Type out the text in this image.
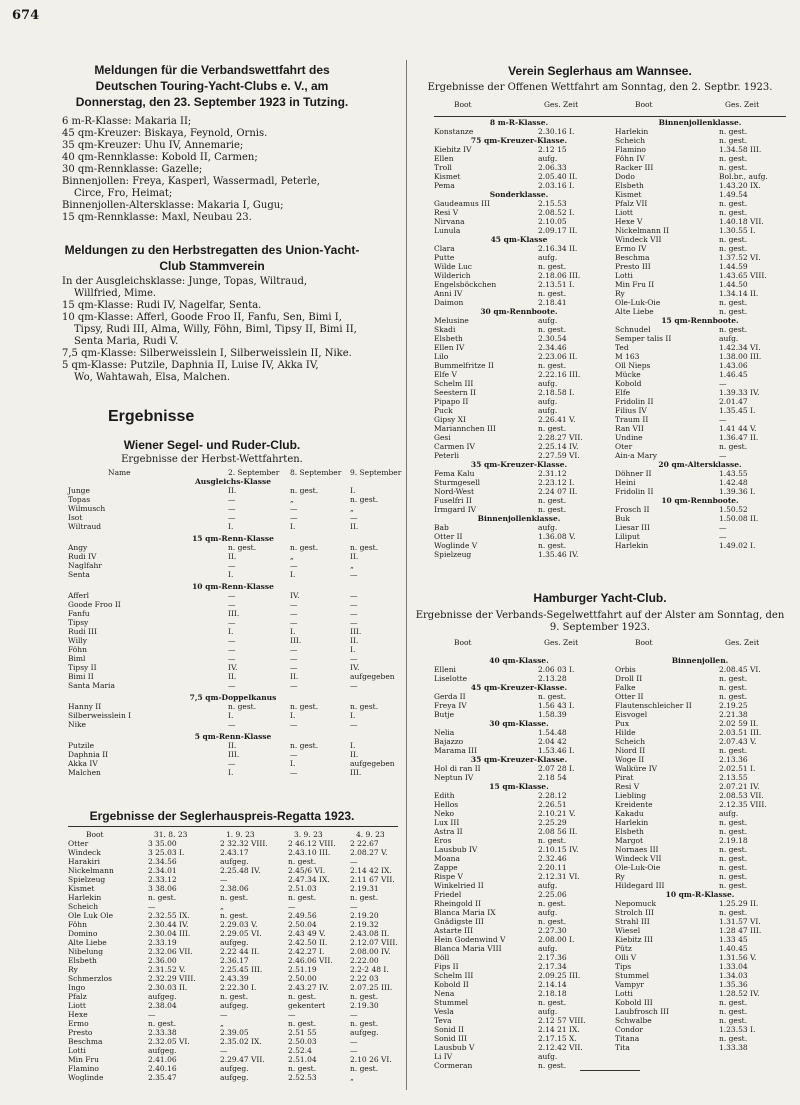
674
Meldungen für die Verbandswettfahrt des Deutschen Touring-Yacht-Clubs e. V., am Donnerstag, den 23. September 1923 in Tutzing.
6 m-R-Klasse: Makaria II;
45 qm-Kreuzer: Biskaya, Feynold, Ornis.
35 qm-Kreuzer: Uhu IV, Annemarie;
40 qm-Rennklasse: Kobold II, Carmen;
30 qm-Rennklasse: Gazelle;
Binnenjollen: Freya, Kasperl, Wassermadl, Peterle,
Circe, Fro, Heimat;
Binnenjollen-Altersklasse: Makaria I, Gugu;
15 qm-Rennklasse: Maxl, Neubau 23.
Meldungen zu den Herbstregatten des Union-Yacht-Club Stammverein
In der Ausgleichsklasse: Junge, Topas, Wiltraud,
Willfried, Mime.
15 qm-Klasse: Rudi IV, Nagelfar, Senta.
10 qm-Klasse: Afferl, Goode Froo II, Fanfu, Sen, Bimi I,
Tipsy, Rudi III, Alma, Willy, Föhn, Biml, Tipsy II, Bimi II,
Senta Maria, Rudi V.
7,5 qm-Klasse: Silberweisslein I, Silberweisslein II, Nike.
5 qm-Klasse: Putzile, Daphnia II, Luise IV, Akka IV,
Wo, Wahtawah, Elsa, Malchen.
Ergebnisse
Wiener Segel- und Ruder-Club.
Ergebnisse der Herbst-Wettfahrten.
Name	2. September 8. September 9. September
Ausgleichs-Klasse
Junge	II.	n. gest.	I.
Topas	—	„	n. gest.
Wilmusch	—	—	„
Isot	—	—	—
Wiltraud	I.	I.	II.
15 qm-Renn-Klasse
Angy	n. gest.	n. gest.	n. gest.
Rudi IV	II.	„	II.
Naglfahr	—	—	„
Senta	I.	I.	—
10 qm-Renn-Klasse
Afferl	—	IV.	—
Goode Froo II	—	—	—
Fanfu	III.	—	—
Tipsy	—	—	—
Rudi III	I.	I.	III.
Willy	—	III.	II.
Föhn	—	—	I.
Biml	—	—	—
Tipsy II	IV.	—	IV.
Bimi II	II.	II.	aufgegeben
Santa Maria	—	—	—
7,5 qm-Doppelkanus
Hanny II	n. gest.	n. gest.	n. gest.
Silberweisslein I	I.	I.	I.
Nike	—	—	—
5 qm-Renn-Klasse
Putzile	II.	n. gest.	I.
Daphnia II	III.	—	II.
Akka IV	—	I.	aufgegeben
Malchen	I.	—	III.
Ergebnisse der Seglerhauspreis-Regatta 1923.
Boot	31. 8. 23	1. 9. 23	3. 9. 23	4. 9. 23
Otter	3 35.00	2 32.32 VIII.	2 46.12 VIII. 2 22.67
Windeck	3 25.03 I.	2.43.17	2.43.10 III.	2.08.27 V.
Harakiri	2.34.56	aufgeg.	n. gest.	—
Nickelmann	2.34.01	2.25.48 IV.	2.45/6 VI.	2.14 42 IX.
Spielzeug	2.33.12	—	2.47.34 IX.	2.11 67 VII.
Kismet	3 38.06	2.38.06	2.51.03	2.19.31
Harlekin	n. gest.	n. gest.	n. gest.	n. gest.
Scheich	—	„	—	—
Ole Luk Ole	2.32.55 IX.	n. gest.	2.49.56	2.19.20
Föhn	2.30.44 IV.	2.29.03 V.	2.50.04	2.19.32
Domino	2.30.04 III.	2.29.05 VI.	2.43 49 V.	2.43.08 II.
Alte Liebe	2.33.19	aufgeg.	2.42.50 II.	2.12.07 VIII.
Nibelung	2.32.06 VII.	2.22 44 II.	2.42.27 I.	2.08.00 IV.
Elsbeth	2.36.00	2.36.17	2.46.06 VII. 2.22.00
Ry	2.31.52 V.	2.25.45 III.	2.51.19	2.2·2 48 I.
Schmerzlos	2.32.29 VIII.	2.43.39	2.50.00	2.22 03
Ingo	2.30.03 II.	2.22.30 I.	2.43.27 IV.	2.07.25 III.
Pfalz	aufgeg.	n. gest.	n. gest.	n. gest.
Liott	2.38.04	aufgeg.	gekentert	2.19.30
Hexe	—	—	—	—
Ermo	n. gest.	„	n. gest.	n. gest.
Presto	2.33.38	2.39.05	2.51 55	aufgeg.
Beschma	2.32.05 VI.	2.35.02 IX.	2.50.03	—
Lotti	aufgeg.	—	2.52.4	—
Min Fru	2.41.06	2.29.47 VII.	2.51.04	2.10 26 VI.
Flamino	2.40.16	aufgeg.	n. gest.	n. gest.
Woglinde	2.35.47	aufgeg.	2.52.53	„
Verein Seglerhaus am Wannsee.
Ergebnisse der Offenen Wettfahrt am Sonntag, den 2. Septbr. 1923.
Boot	Ges. Zeit
8 m-R-Klasse.
Konstanze	2.30.16 I.
75 qm-Kreuzer-Klasse.
Kiebitz IV	2.12 15
Ellen	aufg.
Troll	2.06.33
Kismet	2.05.40 II.
Pema	2.03.16 I.
Sonderklasse.
Gaudeamus III	2.15.53
Resi V	2.08.52 I.
Nirvana	2.10.05
Lunula	2.09.17 II.
45 qm-Klasse
Clara	2.16.34 II.
Putte	aufg.
Wilde Luc	n. gest.
Wilderich	2.18.06 III.
Engelsböckchen	2.13.51 I.
Anni IV	n. gest.
Daimon	2.18.41
30 qm-Rennboote.
Melusine	aufg.
Skadi	n. gest.
Elsbeth	2.30.54
Ellen IV	2.34.46
Lilo	2.23.06 II.
Bummelfritze II	n. gest.
Elfe V	2.22.16 III.
Schelm III	aufg.
Seestern II	2.18.58 I.
Pipapo II	aufg.
Puck	aufg.
Gipsy XI	2.26.41 V.
Mariannchen III	n. gest.
Gesi	2.28.27 VII.
Carmen IV	2.25.14 IV.
Peterli	2.27.59 VI.
35 qm-Kreuzer-Klasse.
Fema Kalu	2.31.12
Sturmgesell	2.23.12 I.
Nord-West	2.24 07 II.
Fuselfri II	n. gest.
Irmgard IV	n. gest.
Binnenjollenklasse.
Bab	aufg.
Otter II	1.36.08 V.
Woglinde V	n. gest.
Spielzeug	1.35.46 IV.
Boot	Ges. Zeit
Binnenjollenklasse.
Harlekin	n. gest.
Scheich	n. gest.
Flamino	1.34.58 III.
Föhn IV	n. gest.
Racker III	n. gest.
Dodo	Bol.br., aufg.
Elsbeth	1.43.20 IX.
Kismet	1.49.54
Pfalz VII	n. gest.
Liott	n. gest.
Hexe V	1.40.18 VII.
Nickelmann II	1.30.55 I.
Windeck VII	n. gest.
Ermo IV	n. gest.
Beschma	1.37.52 VI.
Presto III	1.44.59
Lotti	1.43.65 VIII.
Min Fru II	1.44.50
Ry	1.34.14 II.
Ole-Luk-Oie	n. gest.
Alte Liebe	n. gest.
15 qm-Rennboote.
Schnudel	n. gest.
Semper talis II	aufg.
Ted	1.42.34 VI.
M 163	1.38.00 III.
Oll Nieps	1.43.06
Mücke	1.46.45
Kobold	—
Elfe	1.39.33 IV.
Fridolin II	2.01.47
Filius IV	1.35.45 I.
Traum II	—
Ran VII	1.41 44 V.
Undine	1.36.47 II.
Oter	n. gest.
Ain-a Mary	—
20 qm-Altersklasse.
Döhner II	1.43.55
Heini	1.42.48
Fridolin II	1.39.36 I.
10 qm-Rennboote.
Frosch II	1.50.52
Buk	1.50.08 II.
Liesar III	—
Liliput	—
Harlekin	1.49.02 I.
Hamburger Yacht-Club.
Ergebnisse der Verbands-Segelwettfahrt auf der Alster am Sonntag, den 9. September 1923.
Boot	Ges. Zeit
40 qm-Klasse.
Elleni	2.06 03 I.
Liselotte	2.13.28
45 qm-Kreuzer-Klasse.
Gerda II	n. gest.
Freya IV	1.56 43 I.
Butje	1.58.39
30 qm-Klasse.
Nelia	1.54.48
Bajazzo	2.04 42
Marama III	1.53.46 I.
35 qm-Kreuzer-Klasse.
Hol di ran II	2.07 28 I.
Neptun IV	2.18 54
15 qm-Klasse.
Edith	2.28.12
Hellos	2.26.51
Neko	2.10.21 V.
Lux III	2.25.29
Astra II	2.08 56 II.
Eros	n. gest.
Lausbub IV	2.10.15 IV.
Moana	2.32.46
Zappe	2.20.11
Rispe V	2.12.31 VI.
Winkelried II	aufg.
Friedel	2.25.06
Rheingold II	n. gest.
Blanca Maria IX	aufg.
Gnädigste III	n. gest.
Astarte III	2.27.30
Hein Godenwind V	2.08.00 I.
Blanca Maria VIII	aufg.
Döll	2.17.36
Fips II	2.17.34
Schelm III	2.09.25 III.
Kobold II	2.14.14
Nena	2.18.18
Stummel	n. gest.
Vesla	aufg.
Teva	2.12 57 VIII.
Sonid II	2.14 21 IX.
Sonid III	2.17.15 X.
Lausbub V	2.12.42 VII.
Li IV	aufg.
Cormeran	n. gest.
Boot	Ges. Zeit
Binnenjollen.
Orbis	2.08.45 VI.
Droll II	n. gest.
Falke	n. gest.
Otter II	n. gest.
Flautenschleicher II	2.19.25
Eisvogel	2.21.38
Pux	2.02 59 II.
Hilde	2.03.51 III.
Scheich	2.07.43 V.
Niord II	n. gest.
Woge II	2.13.36
Walküre IV	2.02.51 I.
Pirat	2.13.55
Resi V	2.07.21 IV.
Liebling	2.08.53 VII.
Kreidente	2.12.35 VIII.
Kakadu	aufg.
Harlekin	n. gest.
Elsbeth	n. gest.
Margot	2.19.18
Nornaes III	n. gest.
Windeck VII	n. gest.
Ole-Luk-Oie	n. gest.
Ry	n. gest.
Hildegard III	n. gest.
10 qm-R-Klasse.
Nepomuck	1.25.29 II.
Strolch III	n. gest.
Strahl III	1.31.57 VI.
Wiesel	1.28 47 III.
Kiebitz III	1.33 45
Pütz	1.40.45
Olli V	1.31.56 V.
Tips	1.33.04
Stummel	1.34.03
Vampyr	1.35.36
Lotti	1.28.52 IV.
Kobold III	n. gest.
Laubfrosch III	n. gest.
Schwalbe	n. gest.
Condor	1.23.53 I.
Titana	n. gest.
Tita	1.33.38
